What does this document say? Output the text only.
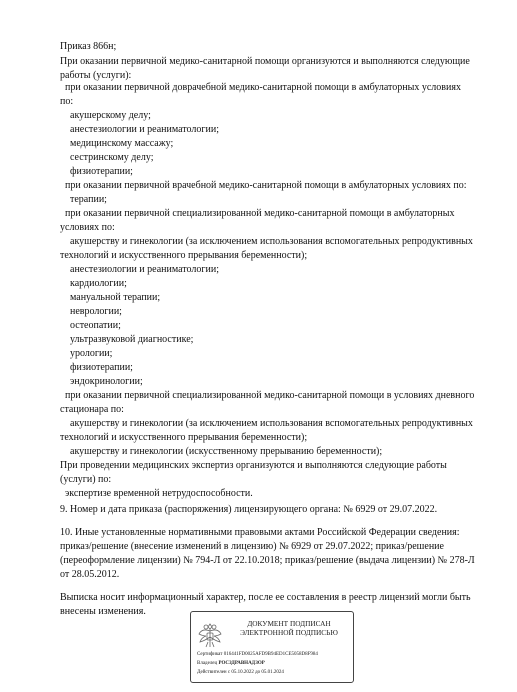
Приказ 866н;
При оказании первичной медико-санитарной помощи организуются и выполняются следующие
работы (услуги):
при оказании первичной доврачебной медико-санитарной помощи в амбулаторных условиях
по:
акушерскому делу;
анестезиологии и реаниматологии;
медицинскому массажу;
сестринскому делу;
физиотерапии;
при оказании первичной врачебной медико-санитарной помощи в амбулаторных условиях по:
терапии;
при оказании первичной специализированной медико-санитарной помощи в амбулаторных
условиях по:
акушерству и гинекологии (за исключением использования вспомогательных репродуктивных
технологий и искусственного прерывания беременности);
анестезиологии и реаниматологии;
кардиологии;
мануальной терапии;
неврологии;
остеопатии;
ультразвуковой диагностике;
урологии;
физиотерапии;
эндокринологии;
при оказании первичной специализированной медико-санитарной помощи в условиях дневного
стационара по:
акушерству и гинекологии (за исключением использования вспомогательных репродуктивных
технологий и искусственного прерывания беременности);
акушерству и гинекологии (искусственному прерыванию беременности);
При проведении медицинских экспертиз организуются и выполняются следующие работы
(услуги) по:
экспертизе временной нетрудоспособности.
9. Номер и дата приказа (распоряжения) лицензирующего органа: № 6929 от 29.07.2022.
10. Иные установленные нормативными правовыми актами Российской Федерации сведения:
приказ/решение (внесение изменений в лицензию) № 6929 от 29.07.2022; приказ/решение
(переоформление лицензии) № 794-Л от 22.10.2018; приказ/решение (выдача лицензии) № 278-Л
от 28.05.2012.
Выписка носит информационный характер, после ее составления в реестр лицензий могли быть
внесены изменения.
ДОКУМЕНТ ПОДПИСАН
ЭЛЕКТРОННОЙ ПОДПИСЬЮ
Сертификат 016441FD0025AFD9B94ED1CE5058D8F984
Владелец РОСЗДРАВНАДЗОР
Действителен с 05.10.2022 до 05.01.2024
